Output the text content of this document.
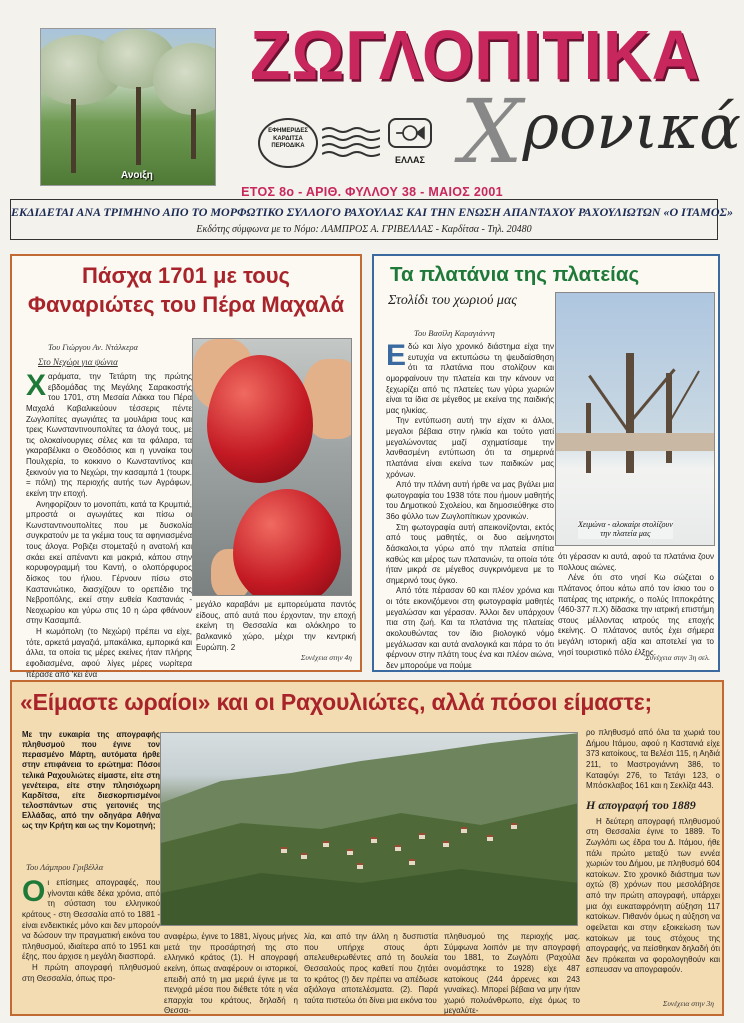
Ανοιξη
ΖΩΓΛΟΠΙΤΙΚΑ
Χρονικά
ΕΦΗΜΕΡΙΔΕΣ
ΚΑΡΔΙΤΣΑ
ΠΕΡΙΟΔΙΚΑ
ΕΛΛΑΣ
ΕΤΟΣ 8ο - ΑΡΙΘ. ΦΥΛΛΟΥ 38 - ΜΑΙΟΣ 2001
ΕΚΔΙΔΕΤΑΙ ΑΝΑ ΤΡΙΜΗΝΟ ΑΠΟ ΤΟ ΜΟΡΦΩΤΙΚΟ ΣΥΛΛΟΓΟ ΡΑΧΟΥΛΑΣ ΚΑΙ ΤΗΝ ΕΝΩΣΗ ΑΠΑΝΤΑΧΟΥ ΡΑΧΟΥΛΙΩΤΩΝ «Ο ΙΤΑΜΟΣ»
Εκδότης σύμφωνα με το Νόμο: ΛΑΜΠΡΟΣ Α. ΓΡΙΒΕΛΛΑΣ - Καρδίτσα - Τηλ. 20480
Πάσχα 1701 με τους
Φαναριώτες του Πέρα Μαχαλά
Του Γιώργου Αν. Ντάλκερα
Στο Νεχώρι για ψώνια
Χαράματα, την Τετάρτη της πρώτης εβδομάδας της Μεγάλης Σαρακοστής του 1701, στη Μεσαία Λάκκα του Πέρα Μαχαλά Καβαλικεύουν τέσσερις πέντε Ζωγλοπίτες αγωγιάτες τα μουλάρια τους και τρεις Κωνσταντινουπολίτες τα άλογά τους, με τις ολοκαίνουργιες σέλες και τα φάλαρα, τα γκαραβέλικα ο Θεοδόσιος και η γυναίκα του Πουλχερία, το κοκκινο ο Κωνσταντίνος και ξεκινούν για το Νεχώρι, την κασαμπά 1 (τουρκ. = πόλη) της περιοχής αυτής των Αγράφων, εκείνη την εποχή.

Ανηφορίζουν το μονοπάτι, κατά τα Κρυμπιά, μπροστά οι αγωγιάτες και πίσω οι Κωνσταντινουπολίτες που με δυσκολία συγκρατούν με τα γκέμια τους τα αφηνιασμένα τους άλογα. Ροβιζει στομεταξύ η ανατολή και σκάει εκεί απέναντι και μακριά, κάπου στην κορυφογραμμή του Καντή, ο ολοπόρφυρος δίσκος του ήλιου. Γέρνουν πίσω στο Καστανιώτικο, διασχίζουν το ορεπέδιο της Νεβροπόλης, εκεί στην ευθεία Καστανιάς - Νεοχωρίου και γύρω στις 10 η ώρα φθάνουν στην Κασαμπά.

Η κωμόπολη (το Νεχώρι) πρέπει να είχε, τότε, αρκετά μαγαζιά, μπακάλικα, εμπορικά και άλλα, τα οποία τις μέρες εκείνες ήταν πλήρης εφοδιασμένα, αφού λίγες μέρες νωρίτερα πέρασε από 'κει ένα

μεγάλο καραβάνι με εμπορεύματα παντός είδους, από αυτά που έρχονταν, την εποχή εκείνη τη Θεσσαλία και ολόκληρο το βαλκανικό χώρο, μέχρι την κεντρική Ευρώπη. 2
Συνέχεια στην 4η
Τα πλατάνια της πλατείας
Στολίδι του χωριού μας
Του Βασίλη Καραγιάννη
Εδώ και λίγο χρονικό διάστημα είχα την ευτυχία να εκτυπώσω τη ψευδαίσθηση ότι τα πλατάνια που στολίζουν και ομορφαίνουν την πλατεία και την κάνουν να ξεχωρίζει από τις πλατείες των γύρω χωριών είναι τα ίδια σε μέγεθος με εκείνα της παιδικής μας ηλικίας.

Την εντύπωση αυτή την είχαν κι άλλοι, μεγαλοι βέβαια στην ηλικία και τούτο γιατί μεγαλώνοντας μαζί σχηματίσαμε την λανθασμένη εντύπωση ότι τα σημερινά πλατάνια είναι εκείνα των παιδικών μας χρόνων.

Από την πλάνη αυτή ήρθε να μας βγάλει μια φωτογραφία του 1938 τότε που ήμουν μαθητής του Δημοτικού Σχολείου, και δημοσιεύθηκε στο 36ο φύλλο των Ζωγλοπίτικων χρονικών.

Στη φωτογραφία αυτή απεικονίζονται, εκτός από τους μαθητές, οι δυο αείμνηστοι δάσκαλοι,τα γύρω από την πλατεία σπίτια καθώς και μέρος των πλατανιών, τα οποία τότε ήταν μικρά σε μέγεθος συγκρινόμενα με το σημερινό τους όγκο.

Από τότε πέρασαν 60 και πλέον χρόνια και οι τότε εικονιζόμενοι στη φωτογραφία μαθητές μεγαλώσαν και γέρασαν. Άλλοι δεν υπάρχουν πια στη ζωή. Και τα πλατάνια της πλατείας ακολουθώντας τον ίδιο βιολογικό νόμο μεγάλωσαν και αυτά αναλογικά και πάρα το ότι φέρνουν στην πλάτη τους ένα και πλέον αιώνα, δεν μπορούμε να πούμε

ότι γέρασαν κι αυτά, αφού τα πλατάνια ζουν πολλους αιώνες.

Λένε ότι στο νησί Κω σώζεται ο πλάτανος όπου κάτω από τον ίσκιο του ο πατέρας της ιατρικής, ο πολύς Ιπποκράτης (460-377 π.Χ) δίδασκε την ιατρική επιστήμη στους μέλλοντας ιατρούς της εποχής εκείνης. Ο πλάτανος αυτός έχει σήμερα μεγάλη ιστορική αξία και αποτελεί για το νησί τουριστικό πόλο έλξης.

Συνέχεια στην 3η σελ.
Χειμώνα - αλοκαίρι στολίζουν
την πλατεία μας
«Είμαστε ωραίοι» και οι Ραχουλιώτες, αλλά πόσοι είμαστε;
Με την ευκαιρία της απογραφής πληθυσμού που έγινε τον περασμένο Μάρτη, αυτόματα ήρθε στην επιφάνεια το ερώτημα: Πόσοι τελικά Ραχουλιώτες είμαστε, είτε στη γενέτειρα, είτε στην πλησιόχωρη Καρδίτσα, είτε διεσκορπισμένοι τελοσπάντων στις γειτονιές της Ελλάδας, από την οδηγάρα Αθήνα ως την Κρήτη και ως την Κομοτηνή;
Του Λάμπρου Γριβέλλα
Οι επίσημες απογραφές, που γίνονται κάθε δέκα χρόνια, από τη σύσταση του ελληνικού κράτους - στη Θεσσαλία από το 1881 - είναι ενδεικτικές μόνο και δεν μπορούν να δώσουν την πραγματική εικόνα του πληθυσμού, ιδιαίτερα από το 1951 και έξης, που άρχισε η μεγάλη διασπορά.

Η πρώτη απογραφή πληθυσμού στη Θεσσαλία, όπως προ-

αναφέρω, έγινε το 1881, λίγους μήνες μετά την προσάρτησή της στο ελληνικό κράτος (1). Η απογραφή εκείνη, όπως αναφέρουν οι ιστορικοί, επειδή από τη μια μεριά έγινε με τα πενιχρά μέσα που διέθετε τότε η νέα επαρχία του κράτους, δηλαδή η Θεσσα-
λία, και από την άλλη η δυσπιστία που υπήρχε στους άρτι απελευθερωθέντες από τη δουλεία Θεσσαλούς προς καθετί που ζητάει το κράτος (!) δεν πρέπει να απέδωσε αξιόλογα αποτελέσματα. (2). Παρά ταύτα πιστεύω ότι δίνει μια εικόνα του
πληθυσμού της περιοχής μας. Σύμφωνα λοιπόν με την απογραφή του 1881, το Ζωγλόπι (Ραχούλα ονομάστηκε το 1928) είχε 487 κατοίκους (244 άρρενες και 243 γυναίκες). Μπορεί βέβαια να μην ήταν χωριό πολυάνθρωπο, είχε όμως το μεγαλύτε-

ρο πληθυσμό από όλα τα χωριά του Δήμου Ιτάμου, αφού η Καστανιά είχε 373 κατοίκους, τα Βελέσι 115, η Αηδιά 211, το Μαστρογιάννη 386, το Καταφύγι 276, το Τετάγι 123, ο Μπόσκλαβος 161 και η Σεκλίζα 443.

Η απογραφή του 1889

Η δεύτερη απογραφή πληθυσμού στη Θεσσαλία έγινε το 1889. Το Ζωγλόπι ως έδρα του Δ. Ιτάμου, ήθε πάλι πρώτο μεταξύ των εννέα χωριών του Δήμου, με πληθυσμό 604 κατοίκων. Στο χρονικό διάστημα των οχτώ (8) χρόνων που μεσολάβησε από την πρώτη απογραφή, υπάρχει μια όχι ευκαταφρόνητη αύξηση 117 κατοίκων. Πιθανόν όμως η αύξηση να οφείλεται και στην εξοικείωση των κατοίκων με τους στόχους της απογραφής, να πείσθηκαν δηλαδή ότι δεν πρόκειται να φορολογηθούν και εσπευσαν να απογραφούν.

Συνέχεια στην 3η
